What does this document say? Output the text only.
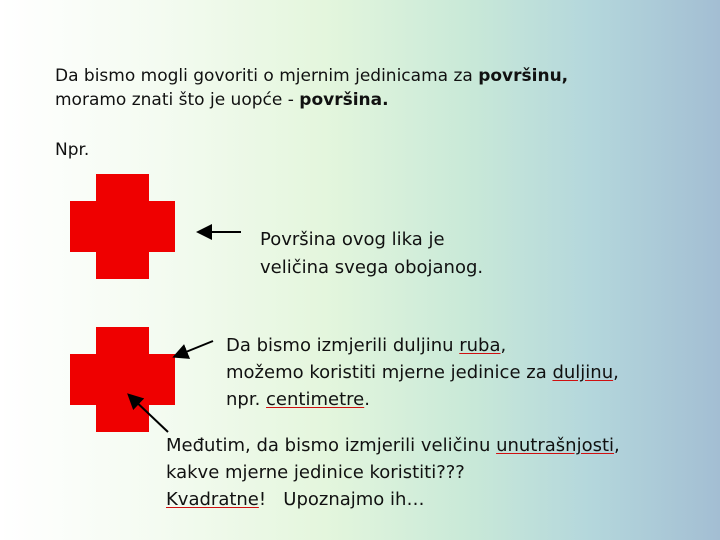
Da bismo mogli govoriti o mjernim jedinicama za površinu,
moramo znati što je uopće - površina.
Npr.
Površina ovog lika je
veličina svega obojanog.
Da bismo izmjerili duljinu ruba,
možemo koristiti mjerne jedinice za duljinu,
npr. centimetre.
Međutim, da bismo izmjerili veličinu unutrašnjosti,
kakve mjerne jedinice koristiti???
Kvadratne!   Upoznajmo ih…
